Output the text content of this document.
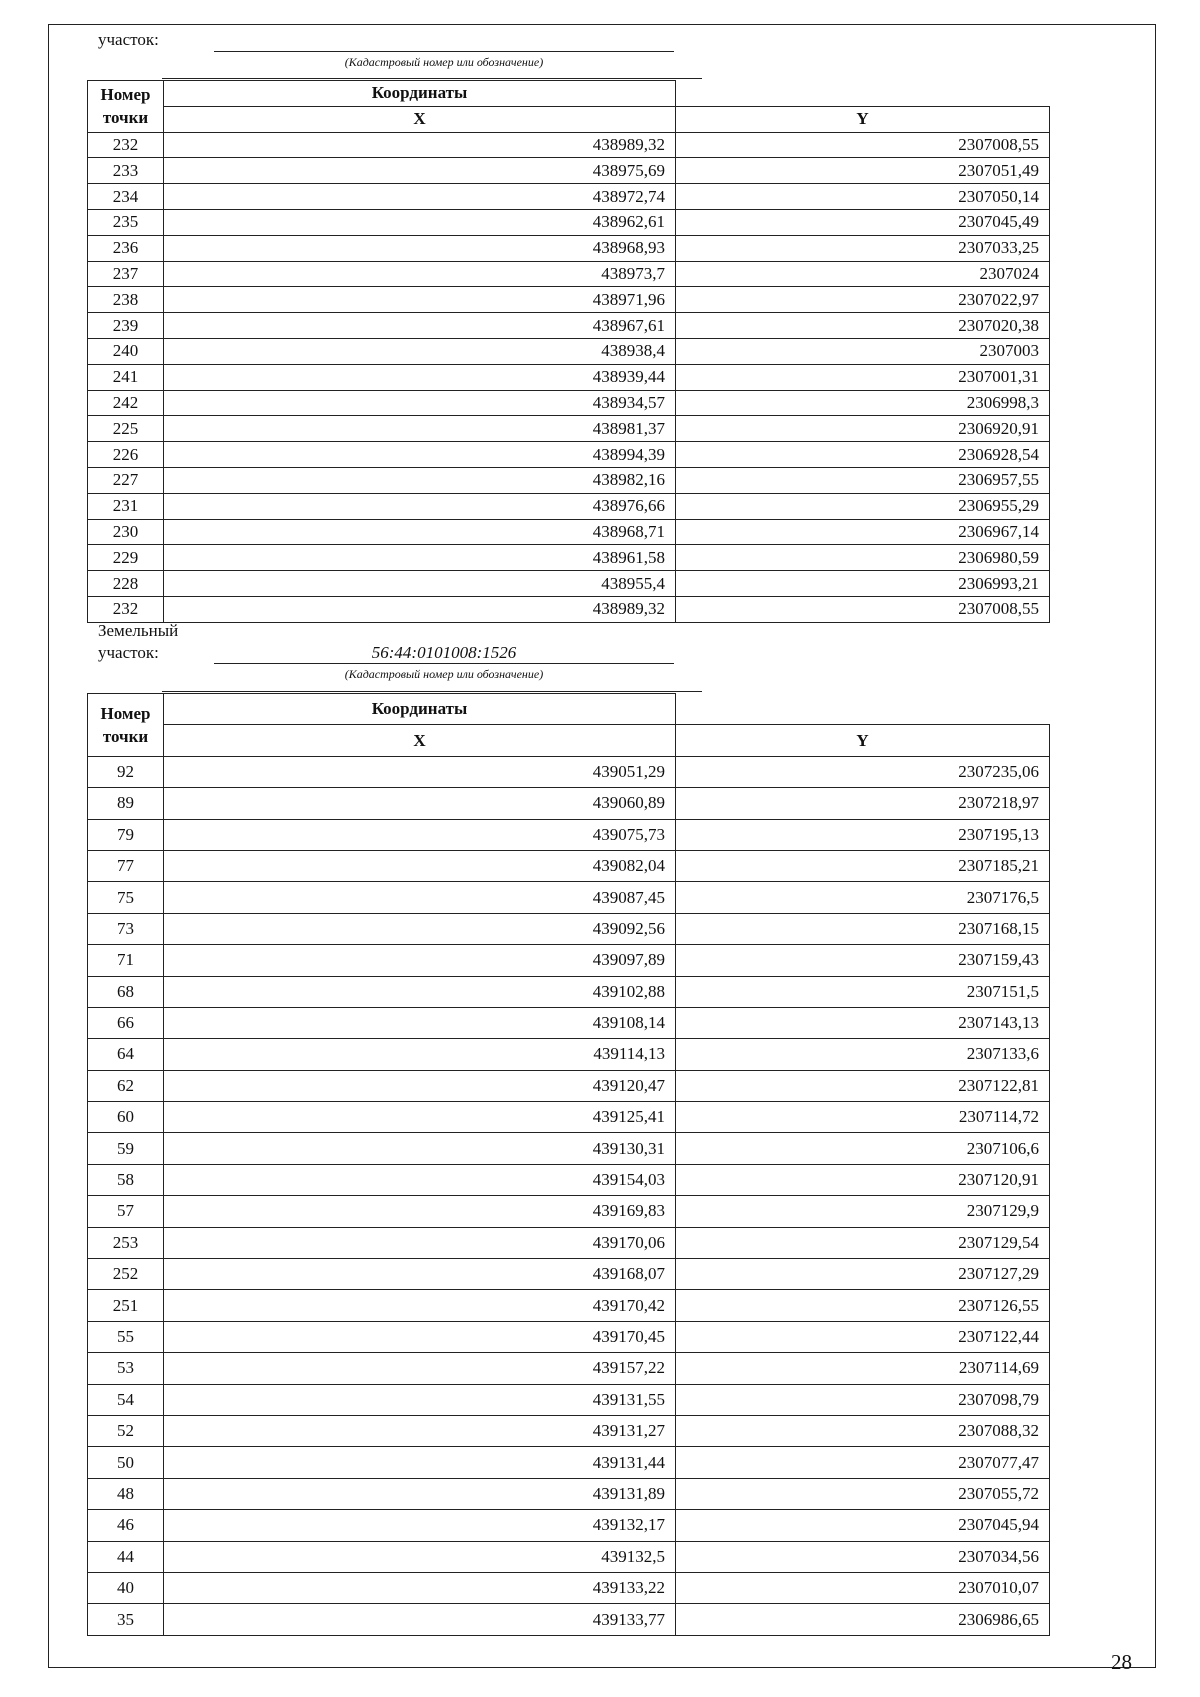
участок:
(Кадастровый номер или обозначение)
Номер точки	Координаты	
	X	Y
232	438989,32	2307008,55
233	438975,69	2307051,49
234	438972,74	2307050,14
235	438962,61	2307045,49
236	438968,93	2307033,25
237	438973,7	2307024
238	438971,96	2307022,97
239	438967,61	2307020,38
240	438938,4	2307003
241	438939,44	2307001,31
242	438934,57	2306998,3
225	438981,37	2306920,91
226	438994,39	2306928,54
227	438982,16	2306957,55
231	438976,66	2306955,29
230	438968,71	2306967,14
229	438961,58	2306980,59
228	438955,4	2306993,21
232	438989,32	2307008,55
Земельный
участок:	56:44:0101008:1526
(Кадастровый номер или обозначение)
Номер точки	Координаты	
	X	Y
92	439051,29	2307235,06
89	439060,89	2307218,97
79	439075,73	2307195,13
77	439082,04	2307185,21
75	439087,45	2307176,5
73	439092,56	2307168,15
71	439097,89	2307159,43
68	439102,88	2307151,5
66	439108,14	2307143,13
64	439114,13	2307133,6
62	439120,47	2307122,81
60	439125,41	2307114,72
59	439130,31	2307106,6
58	439154,03	2307120,91
57	439169,83	2307129,9
253	439170,06	2307129,54
252	439168,07	2307127,29
251	439170,42	2307126,55
55	439170,45	2307122,44
53	439157,22	2307114,69
54	439131,55	2307098,79
52	439131,27	2307088,32
50	439131,44	2307077,47
48	439131,89	2307055,72
46	439132,17	2307045,94
44	439132,5	2307034,56
40	439133,22	2307010,07
35	439133,77	2306986,65
28
